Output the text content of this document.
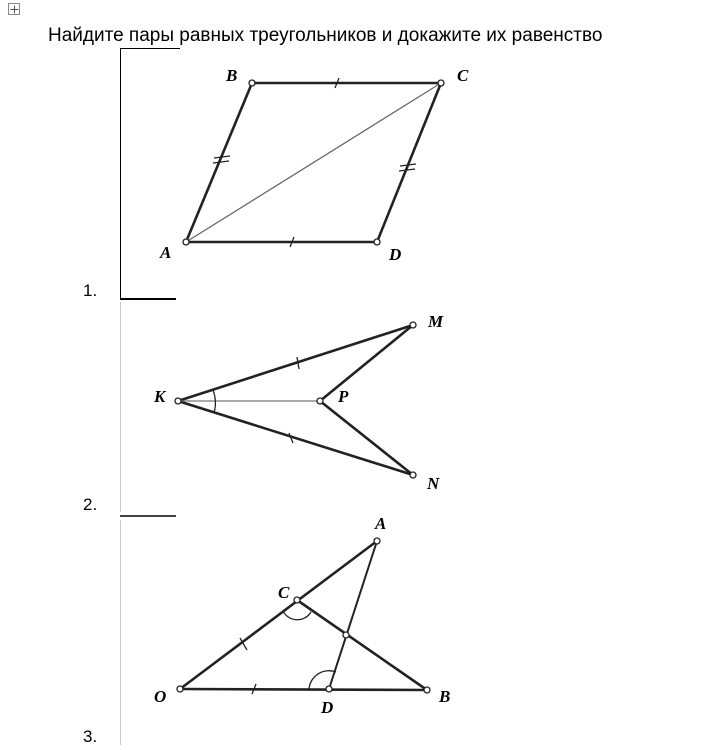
Найдите пары равных треугольников и докажите их равенство
1.
2.
3.
B	C
A	D
K
M
P
N
A
C
O
D
B
